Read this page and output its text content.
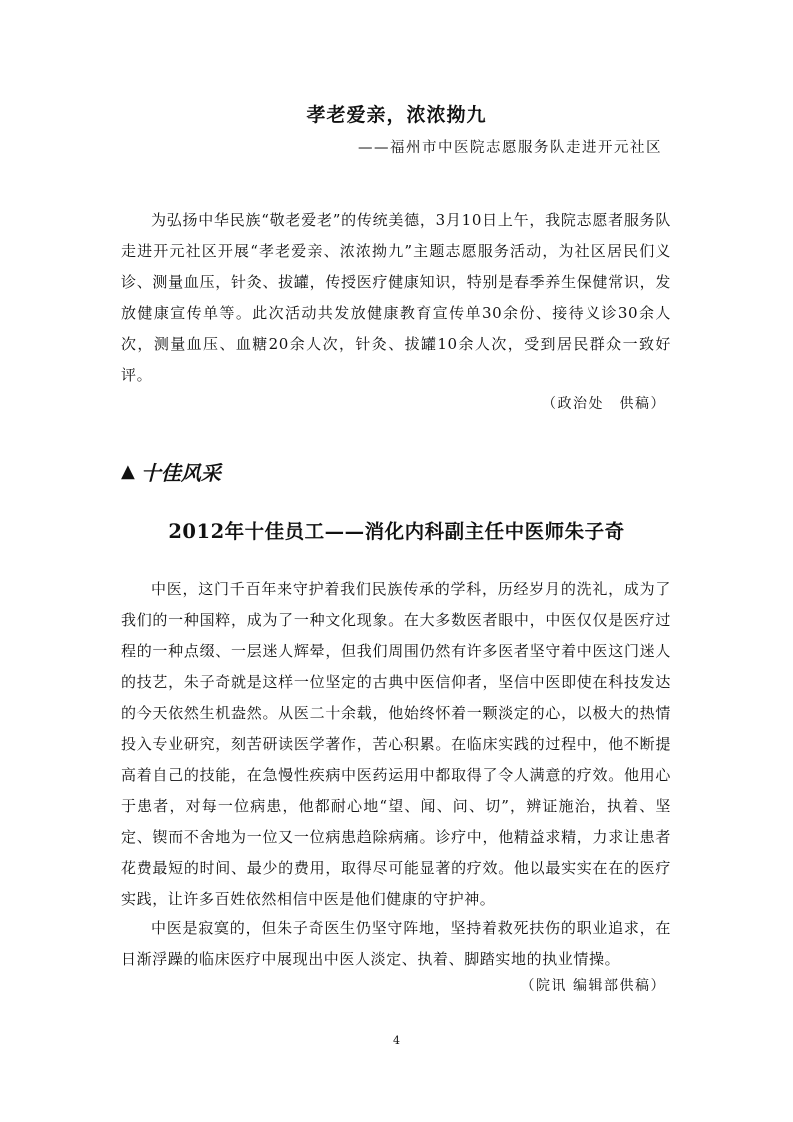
孝老爱亲，浓浓拗九
——福州市中医院志愿服务队走进开元社区

为弘扬中华民族“敬老爱老”的传统美德，3月10日上午，我院志愿者服务队走进开元社区开展“孝老爱亲、浓浓拗九”主题志愿服务活动，为社区居民们义诊、测量血压，针灸、拔罐，传授医疗健康知识，特别是春季养生保健常识，发放健康宣传单等。此次活动共发放健康教育宣传单30余份、接待义诊30余人次，测量血压、血糖20余人次，针灸、拔罐10余人次，受到居民群众一致好评。

（政治处　供稿）
▲ 十佳风采
2012年十佳员工——消化内科副主任中医师朱子奇

中医，这门千百年来守护着我们民族传承的学科，历经岁月的洗礼，成为了我们的一种国粹，成为了一种文化现象。在大多数医者眼中，中医仅仅是医疗过程的一种点缀、一层迷人辉晕，但我们周围仍然有许多医者坚守着中医这门迷人的技艺，朱子奇就是这样一位坚定的古典中医信仰者，坚信中医即使在科技发达的今天依然生机盎然。从医二十余载，他始终怀着一颗淡定的心，以极大的热情投入专业研究，刻苦研读医学著作，苦心积累。在临床实践的过程中，他不断提高着自己的技能，在急慢性疾病中医药运用中都取得了令人满意的疗效。他用心于患者，对每一位病患，他都耐心地“望、闻、问、切”，辨证施治，执着、坚定、锲而不舍地为一位又一位病患趋除病痛。诊疗中，他精益求精，力求让患者花费最短的时间、最少的费用，取得尽可能显著的疗效。他以最实实在在的医疗实践，让许多百姓依然相信中医是他们健康的守护神。

中医是寂寞的，但朱子奇医生仍坚守阵地，坚持着救死扶伤的职业追求，在日渐浮躁的临床医疗中展现出中医人淡定、执着、脚踏实地的执业情操。

（院讯 编辑部供稿）
4
